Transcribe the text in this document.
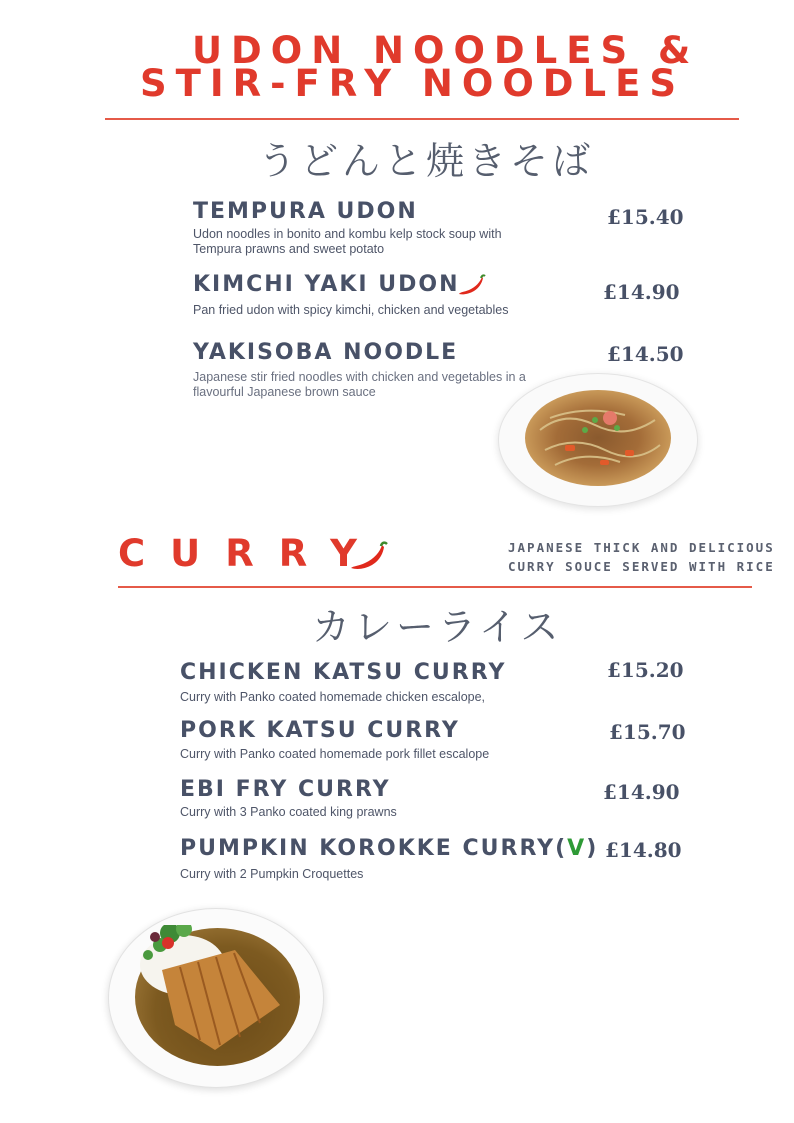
UDON NOODLES &
STIR-FRY NOODLES
うどんと焼きそば
TEMPURA UDON
Udon noodles in bonito and kombu kelp stock soup with Tempura prawns and sweet potato
£15.40
KIMCHI YAKI UDON
Pan fried udon with spicy kimchi, chicken and vegetables
£14.90
YAKISOBA NOODLE
Japanese stir fried noodles with chicken and vegetables in a flavourful Japanese brown sauce
£14.50
CURRY	JAPANESE THICK AND DELICIOUS
CURRY SOUCE SERVED WITH RICE
カレーライス
CHICKEN KATSU CURRY
Curry with Panko coated homemade chicken escalope,
£15.20
PORK KATSU CURRY
Curry with Panko coated homemade pork fillet escalope
£15.70
EBI FRY CURRY
Curry with 3 Panko coated king prawns
£14.90
PUMPKIN KOROKKE CURRY(V)
Curry with 2 Pumpkin Croquettes
£14.80
